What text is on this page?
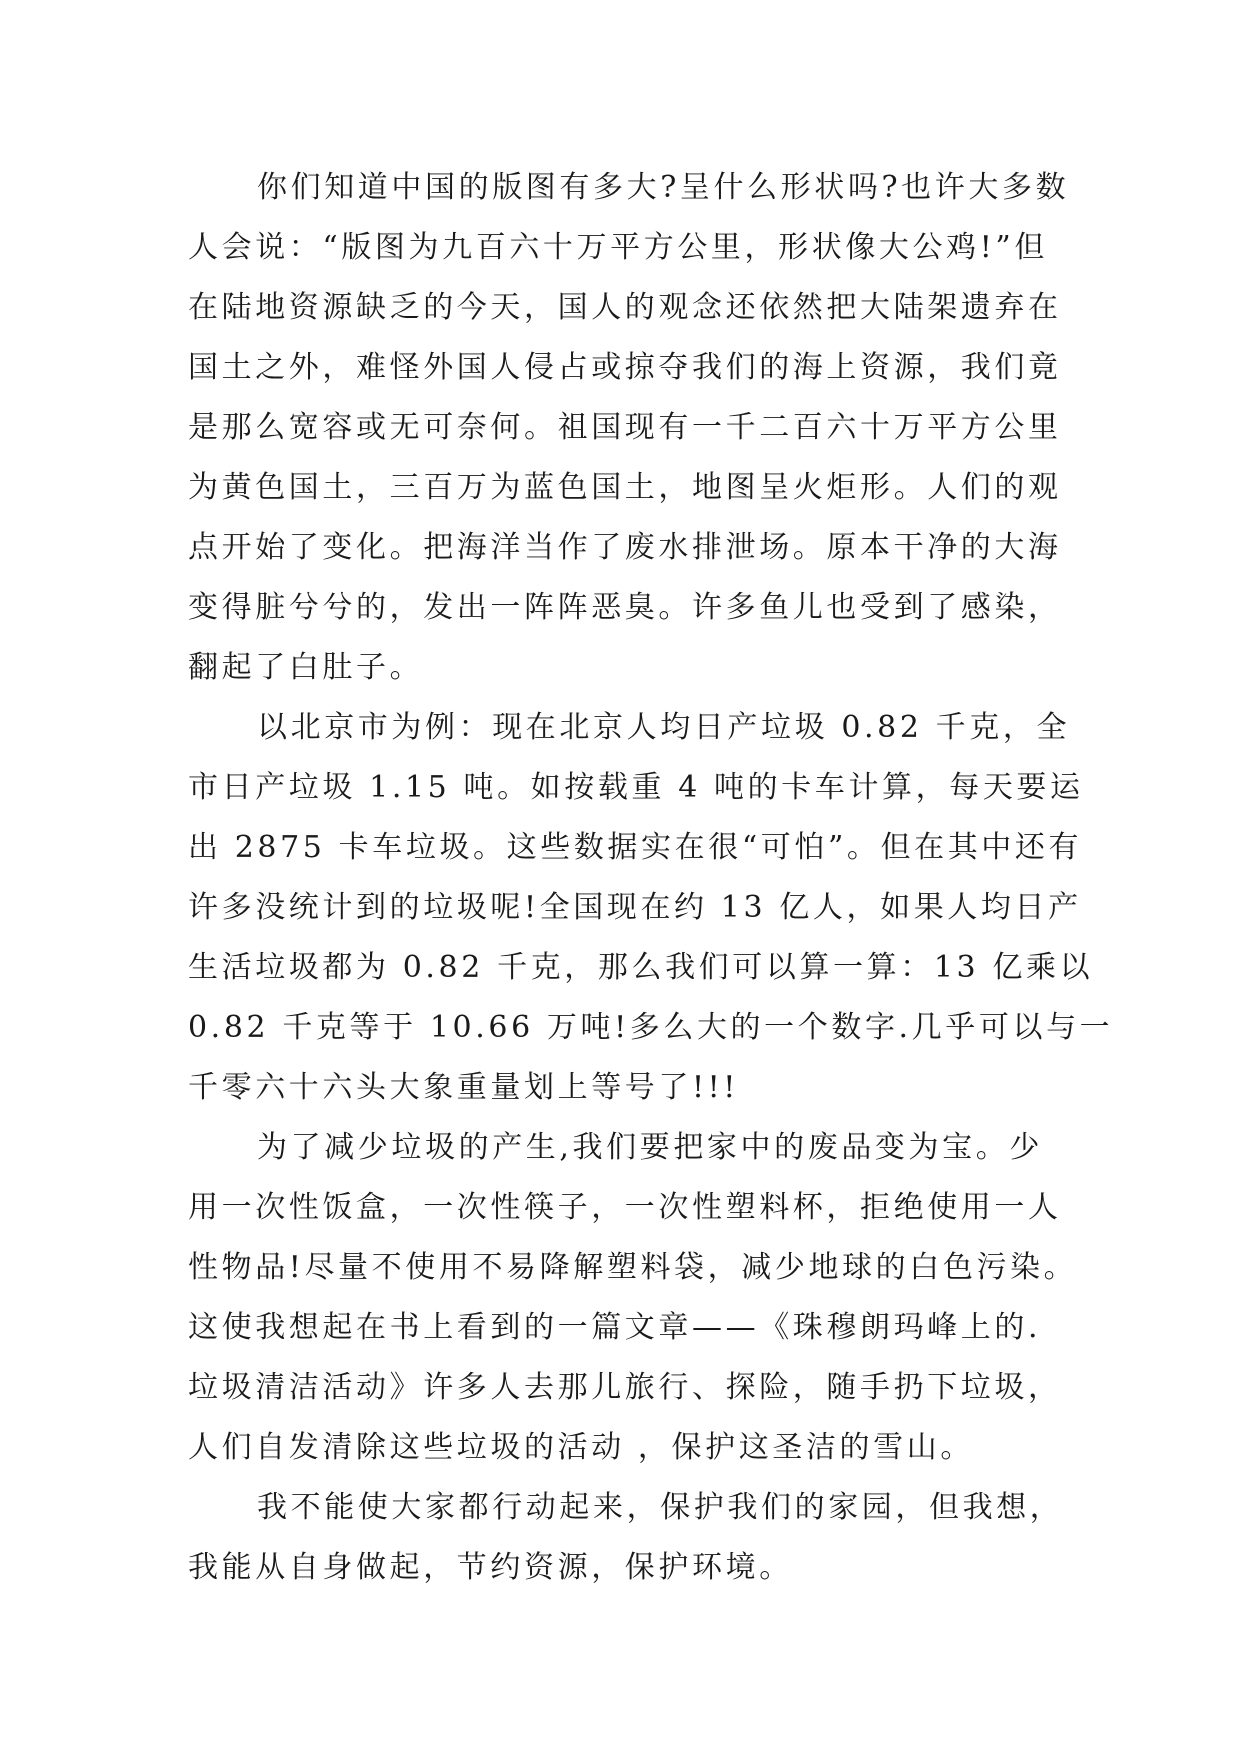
你们知道中国的版图有多大?呈什么形状吗?也许大多数
人会说：“版图为九百六十万平方公里，形状像大公鸡!”但
在陆地资源缺乏的今天，国人的观念还依然把大陆架遗弃在
国土之外，难怪外国人侵占或掠夺我们的海上资源，我们竟
是那么宽容或无可奈何。祖国现有一千二百六十万平方公里
为黄色国土，三百万为蓝色国土，地图呈火炬形。人们的观
点开始了变化。把海洋当作了废水排泄场。原本干净的大海
变得脏兮兮的，发出一阵阵恶臭。许多鱼儿也受到了感染，
翻起了白肚子。
以北京市为例：现在北京人均日产垃圾 0.82 千克，全
市日产垃圾 1.15 吨。如按载重 4 吨的卡车计算，每天要运
出 2875 卡车垃圾。这些数据实在很“可怕”。但在其中还有
许多没统计到的垃圾呢!全国现在约 13 亿人，如果人均日产
生活垃圾都为 0.82 千克，那么我们可以算一算：13 亿乘以
0.82 千克等于 10.66 万吨!多么大的一个数字.几乎可以与一
千零六十六头大象重量划上等号了!!!
为了减少垃圾的产生,我们要把家中的废品变为宝。少
用一次性饭盒，一次性筷子，一次性塑料杯，拒绝使用一人
性物品!尽量不使用不易降解塑料袋，减少地球的白色污染。
这使我想起在书上看到的一篇文章——《珠穆朗玛峰上的.
垃圾清洁活动》许多人去那儿旅行、探险，随手扔下垃圾，
人们自发清除这些垃圾的活动 ，保护这圣洁的雪山。
我不能使大家都行动起来，保护我们的家园，但我想，
我能从自身做起，节约资源，保护环境。
